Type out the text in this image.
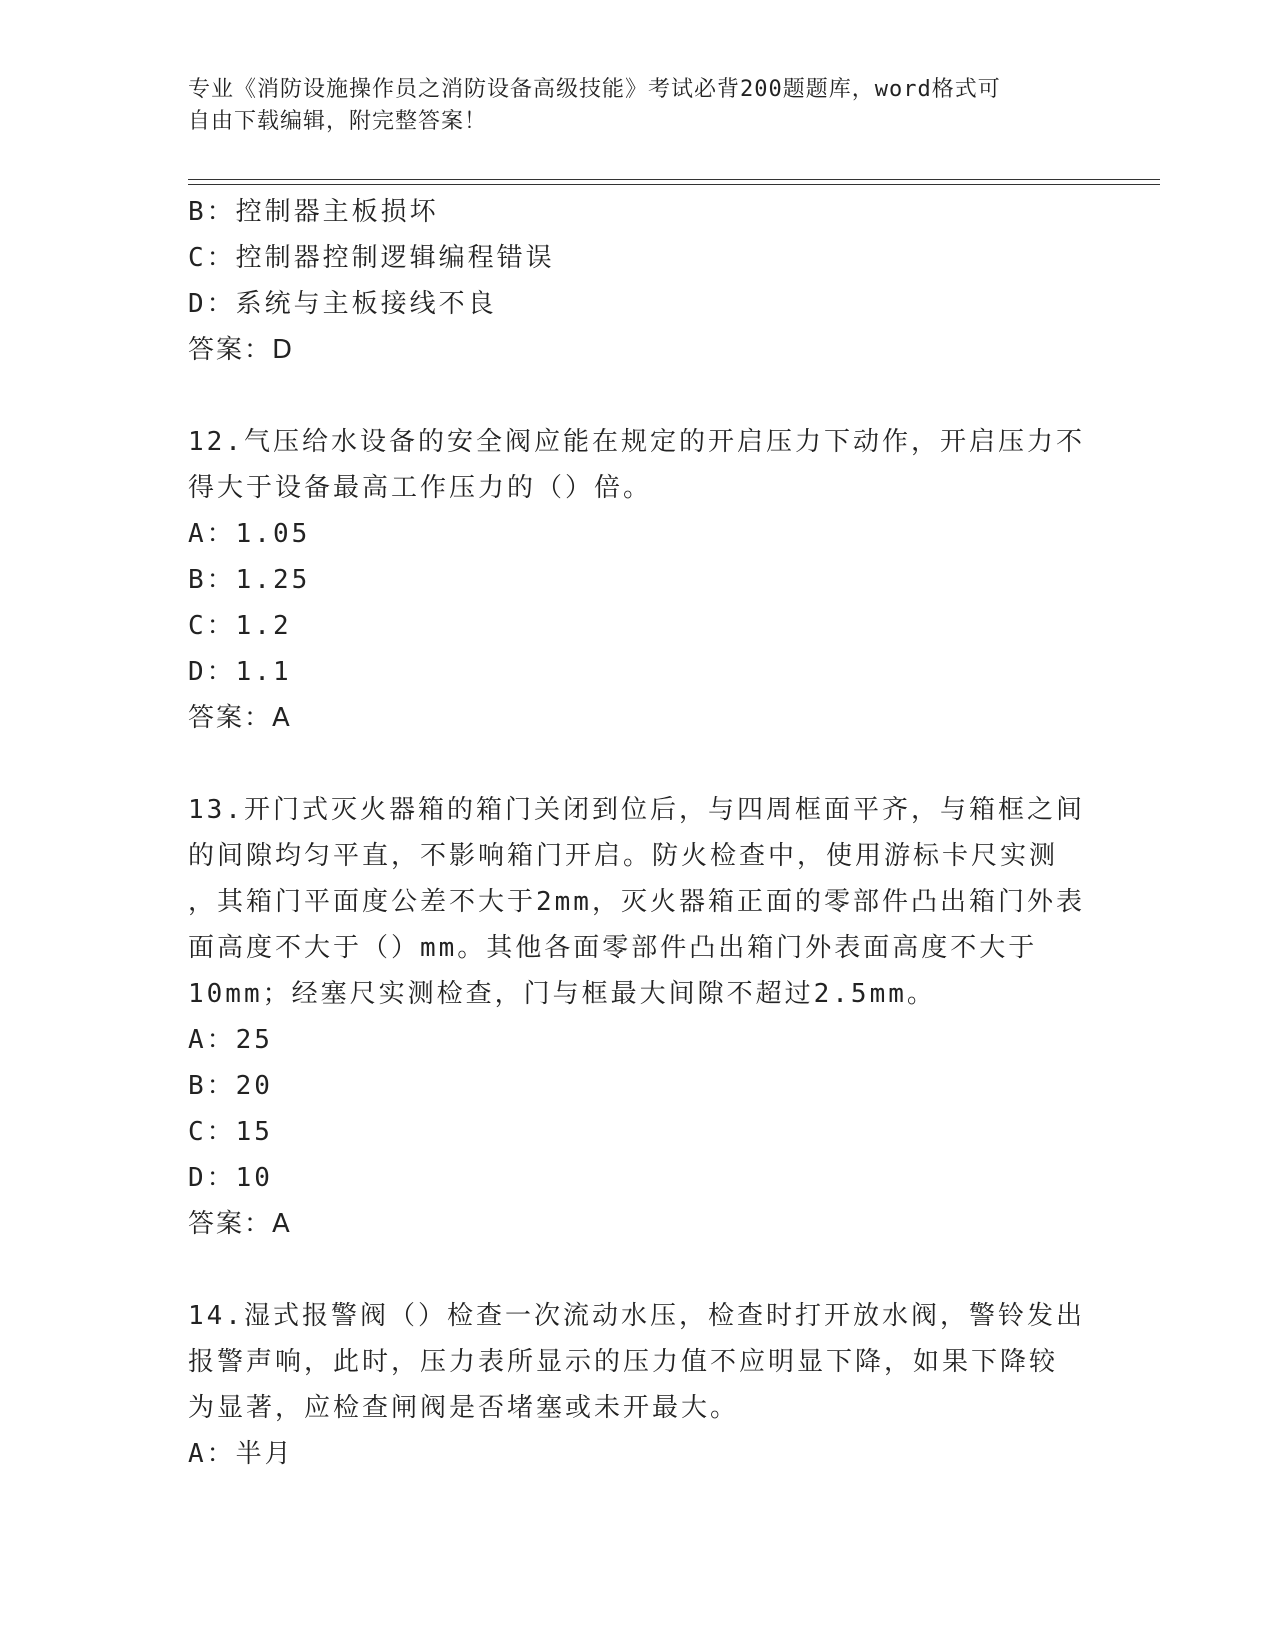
专业《消防设施操作员之消防设备高级技能》考试必背200题题库，word格式可
自由下载编辑，附完整答案！
B：控制器主板损坏
C：控制器控制逻辑编程错误
D：系统与主板接线不良
答案：D
12.气压给水设备的安全阀应能在规定的开启压力下动作，开启压力不
得大于设备最高工作压力的（）倍。
A：1.05
B：1.25
C：1.2
D：1.1
答案：A
13.开门式灭火器箱的箱门关闭到位后，与四周框面平齐，与箱框之间
的间隙均匀平直，不影响箱门开启。防火检查中，使用游标卡尺实测
，其箱门平面度公差不大于2mm，灭火器箱正面的零部件凸出箱门外表
面高度不大于（）mm。其他各面零部件凸出箱门外表面高度不大于
10mm；经塞尺实测检查，门与框最大间隙不超过2.5mm。
A：25
B：20
C：15
D：10
答案：A
14.湿式报警阀（）检查一次流动水压，检查时打开放水阀，警铃发出
报警声响，此时，压力表所显示的压力值不应明显下降，如果下降较
为显著，应检查闸阀是否堵塞或未开最大。
A：半月
